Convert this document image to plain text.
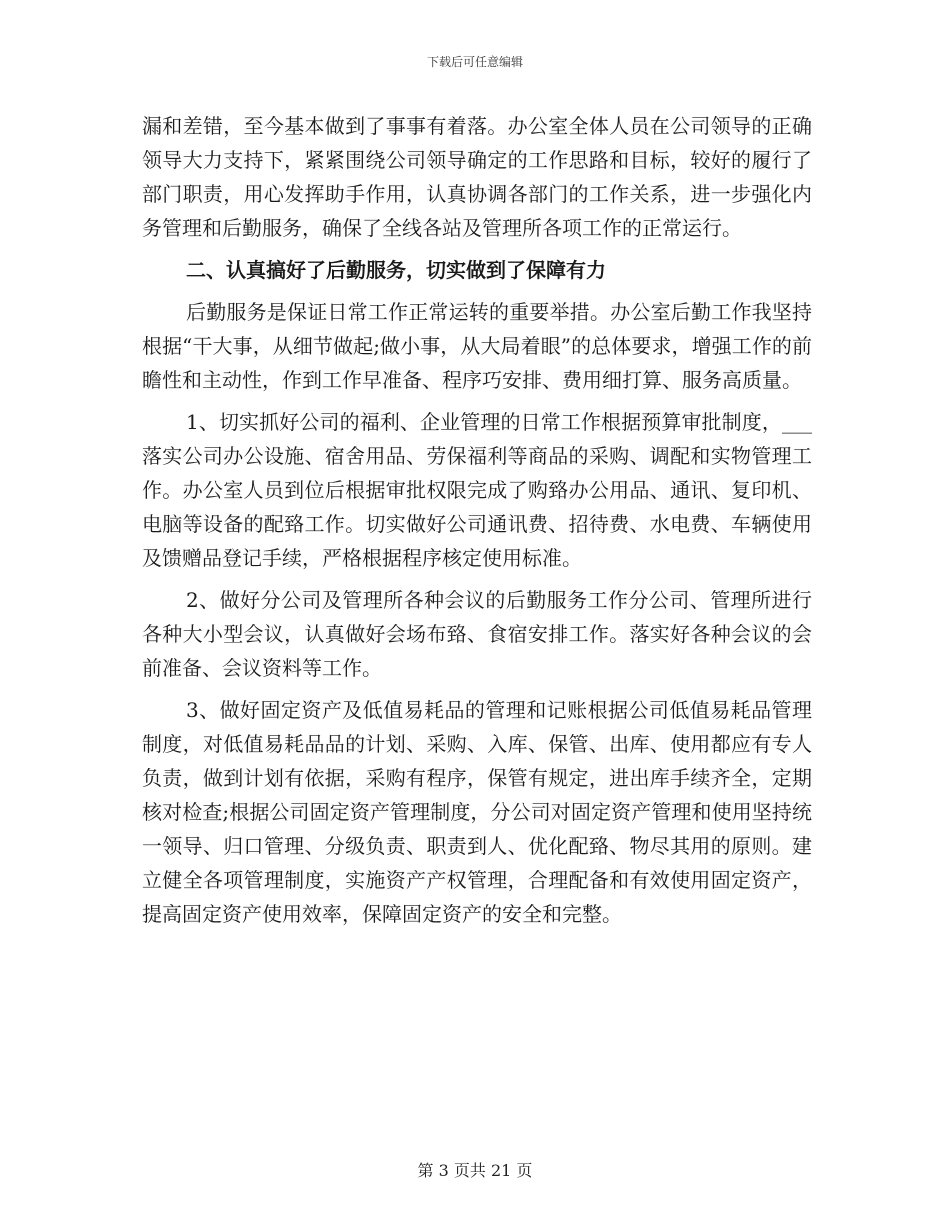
下载后可任意编辑

漏和差错，至今基本做到了事事有着落。办公室全体人员在公司领导的正确领导大力支持下，紧紧围绕公司领导确定的工作思路和目标，较好的履行了部门职责，用心发挥助手作用，认真协调各部门的工作关系，进一步强化内务管理和后勤服务，确保了全线各站及管理所各项工作的正常运行。

二、认真搞好了后勤服务，切实做到了保障有力

后勤服务是保证日常工作正常运转的重要举措。办公室后勤工作我坚持根据“干大事，从细节做起;做小事，从大局着眼”的总体要求，增强工作的前瞻性和主动性，作到工作早准备、程序巧安排、费用细打算、服务高质量。

1、切实抓好公司的福利、企业管理的日常工作根据预算审批制度，___落实公司办公设施、宿舍用品、劳保福利等商品的采购、调配和实物管理工作。办公室人员到位后根据审批权限完成了购臵办公用品、通讯、复印机、电脑等设备的配臵工作。切实做好公司通讯费、招待费、水电费、车辆使用及馈赠品登记手续，严格根据程序核定使用标准。

2、做好分公司及管理所各种会议的后勤服务工作分公司、管理所进行各种大小型会议，认真做好会场布臵、食宿安排工作。落实好各种会议的会前准备、会议资料等工作。

3、做好固定资产及低值易耗品的管理和记账根据公司低值易耗品管理制度，对低值易耗品品的计划、采购、入库、保管、出库、使用都应有专人负责，做到计划有依据，采购有程序，保管有规定，进出库手续齐全，定期核对检查;根据公司固定资产管理制度，分公司对固定资产管理和使用坚持统一领导、归口管理、分级负责、职责到人、优化配臵、物尽其用的原则。建立健全各项管理制度，实施资产产权管理，合理配备和有效使用固定资产，提高固定资产使用效率，保障固定资产的安全和完整。

第 3 页共 21 页
